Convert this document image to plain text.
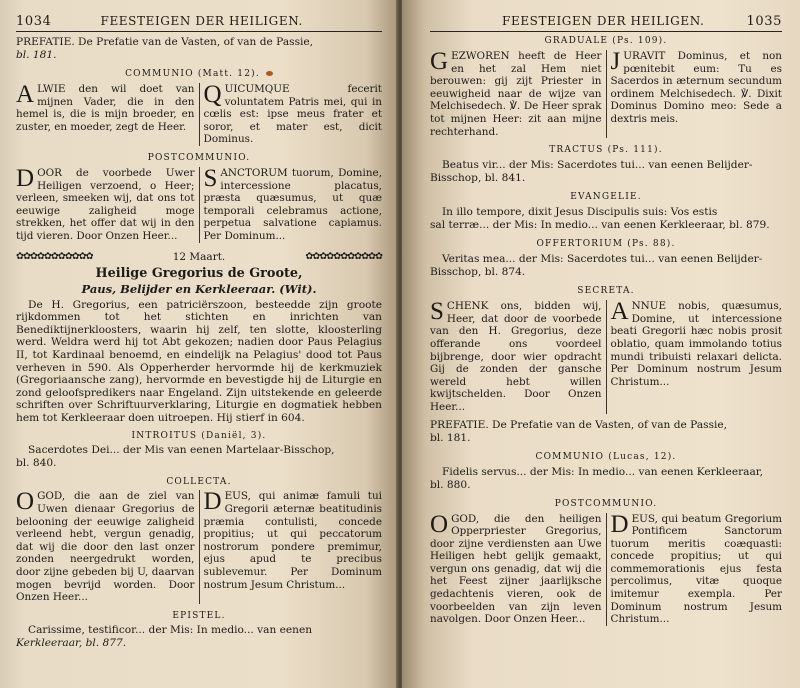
1034	FEESTEIGEN DER HEILIGEN.

PREFATIE. De Prefatie van de Vasten, of van de Passie,

bl. 181.

COMMUNIO (Matt. 12).
ALWIE den wil doet van mijnen Vader, die in den hemel is, die is mijn broeder, en zuster, en moeder, zegt de Heer.
QUICUMQUE fecerit voluntatem Patris mei, qui in cœlis est: ipse meus frater et soror, et mater est, dicit Dominus.
POSTCOMMUNIO.
DOOR de voorbede Uwer Heiligen verzoend, o Heer; verleen, smeeken wij, dat ons tot eeuwige zaligheid moge strekken, het offer dat wij in den tijd vieren. Door Onzen Heer...
SANCTORUM tuorum, Domine, intercessione placatus, præsta quæsumus, ut quæ temporali celebramus actione, perpetua salvatione capiamus. Per Dominum...
✿✿✿✿✿✿✿✿✿✿✿	12 Maart.	✿✿✿✿✿✿✿✿✿✿✿
Heilige Gregorius de Groote,
Paus, Belijder en Kerkleeraar. (Wit).

De H. Gregorius, een patriciërszoon, besteedde zijn groote rijkdommen tot het stichten en inrichten van Benediktijnerkloosters, waarin hij zelf, ten slotte, kloosterling werd. Weldra werd hij tot Abt gekozen; nadien door Paus Pelagius II, tot Kardinaal benoemd, en eindelijk na Pelagius' dood tot Paus verheven in 590. Als Opperherder hervormde hij de kerkmuziek (Gregoriaansche zang), hervormde en bevestigde hij de Liturgie en zond geloofspredikers naar Engeland. Zijn uitstekende en geleerde schriften over Schriftuurverklaring, Liturgie en dogmatiek hebben hem tot Kerkleeraar doen uitroepen. Hij stierf in 604.

INTROITUS (Daniël, 3).

Sacerdotes Dei... der Mis van eenen Martelaar-Bisschop,

bl. 840.

COLLECTA.
OGOD, die aan de ziel van Uwen dienaar Gregorius de belooning der eeuwige zaligheid verleend hebt, vergun genadig, dat wij die door den last onzer zonden neergedrukt worden, door zijne gebeden bij U, daarvan mogen bevrijd worden. Door Onzen Heer...
DEUS, qui animæ famuli tui Gregorii æternæ beatitudinis præmia contulisti, concede propitius; ut qui peccatorum nostrorum pondere premimur, ejus apud te precibus sublevemur. Per Dominum nostrum Jesum Christum...
EPISTEL.

Carissime, testificor... der Mis: In medio... van eenen

Kerkleeraar, bl. 877.

FEESTEIGEN DER HEILIGEN.	1035
GRADUALE (Ps. 109).
GEZWOREN heeft de Heer en het zal Hem niet berouwen: gij zijt Priester in eeuwigheid naar de wijze van Melchisedech. ℣. De Heer sprak tot mijnen Heer: zit aan mijne rechterhand.
JURAVIT Dominus, et non pœnitebit eum: Tu es Sacerdos in æternum secundum ordinem Melchisedech. ℣. Dixit Dominus Domino meo: Sede a dextris meis.
TRACTUS (Ps. 111).

Beatus vir... der Mis: Sacerdotes tui... van eenen Belijder-

Bisschop, bl. 841.

EVANGELIE.

In illo tempore, dixit Jesus Discipulis suis: Vos estis

sal terræ... der Mis: In medio... van eenen Kerkleeraar, bl. 879.

OFFERTORIUM (Ps. 88).

Veritas mea... der Mis: Sacerdotes tui... van eenen Belijder-

Bisschop, bl. 874.

SECRETA.
SCHENK ons, bidden wij, Heer, dat door de voorbede van den H. Gregorius, deze offerande ons voordeel bijbrenge, door wier opdracht Gij de zonden der gansche wereld hebt willen kwijtschelden. Door Onzen Heer...
ANNUE nobis, quæsumus, Domine, ut intercessione beati Gregorii hæc nobis prosit oblatio, quam immolando totius mundi tribuisti relaxari delicta. Per Dominum nostrum Jesum Christum...

PREFATIE. De Prefatie van de Vasten, of van de Passie,

bl. 181.

COMMUNIO (Lucas, 12).

Fidelis servus... der Mis: In medio... van eenen Kerkleeraar,

bl. 880.

POSTCOMMUNIO.
OGOD, die den heiligen Opperpriester Gregorius, door zijne verdiensten aan Uwe Heiligen hebt gelijk gemaakt, vergun ons genadig, dat wij die het Feest zijner jaarlijksche gedachtenis vieren, ook de voorbeelden van zijn leven navolgen. Door Onzen Heer...
DEUS, qui beatum Gregorium Pontificem Sanctorum tuorum meritis coæquasti: concede propitius; ut qui commemorationis ejus festa percolimus, vitæ quoque imitemur exempla. Per Dominum nostrum Jesum Christum...
